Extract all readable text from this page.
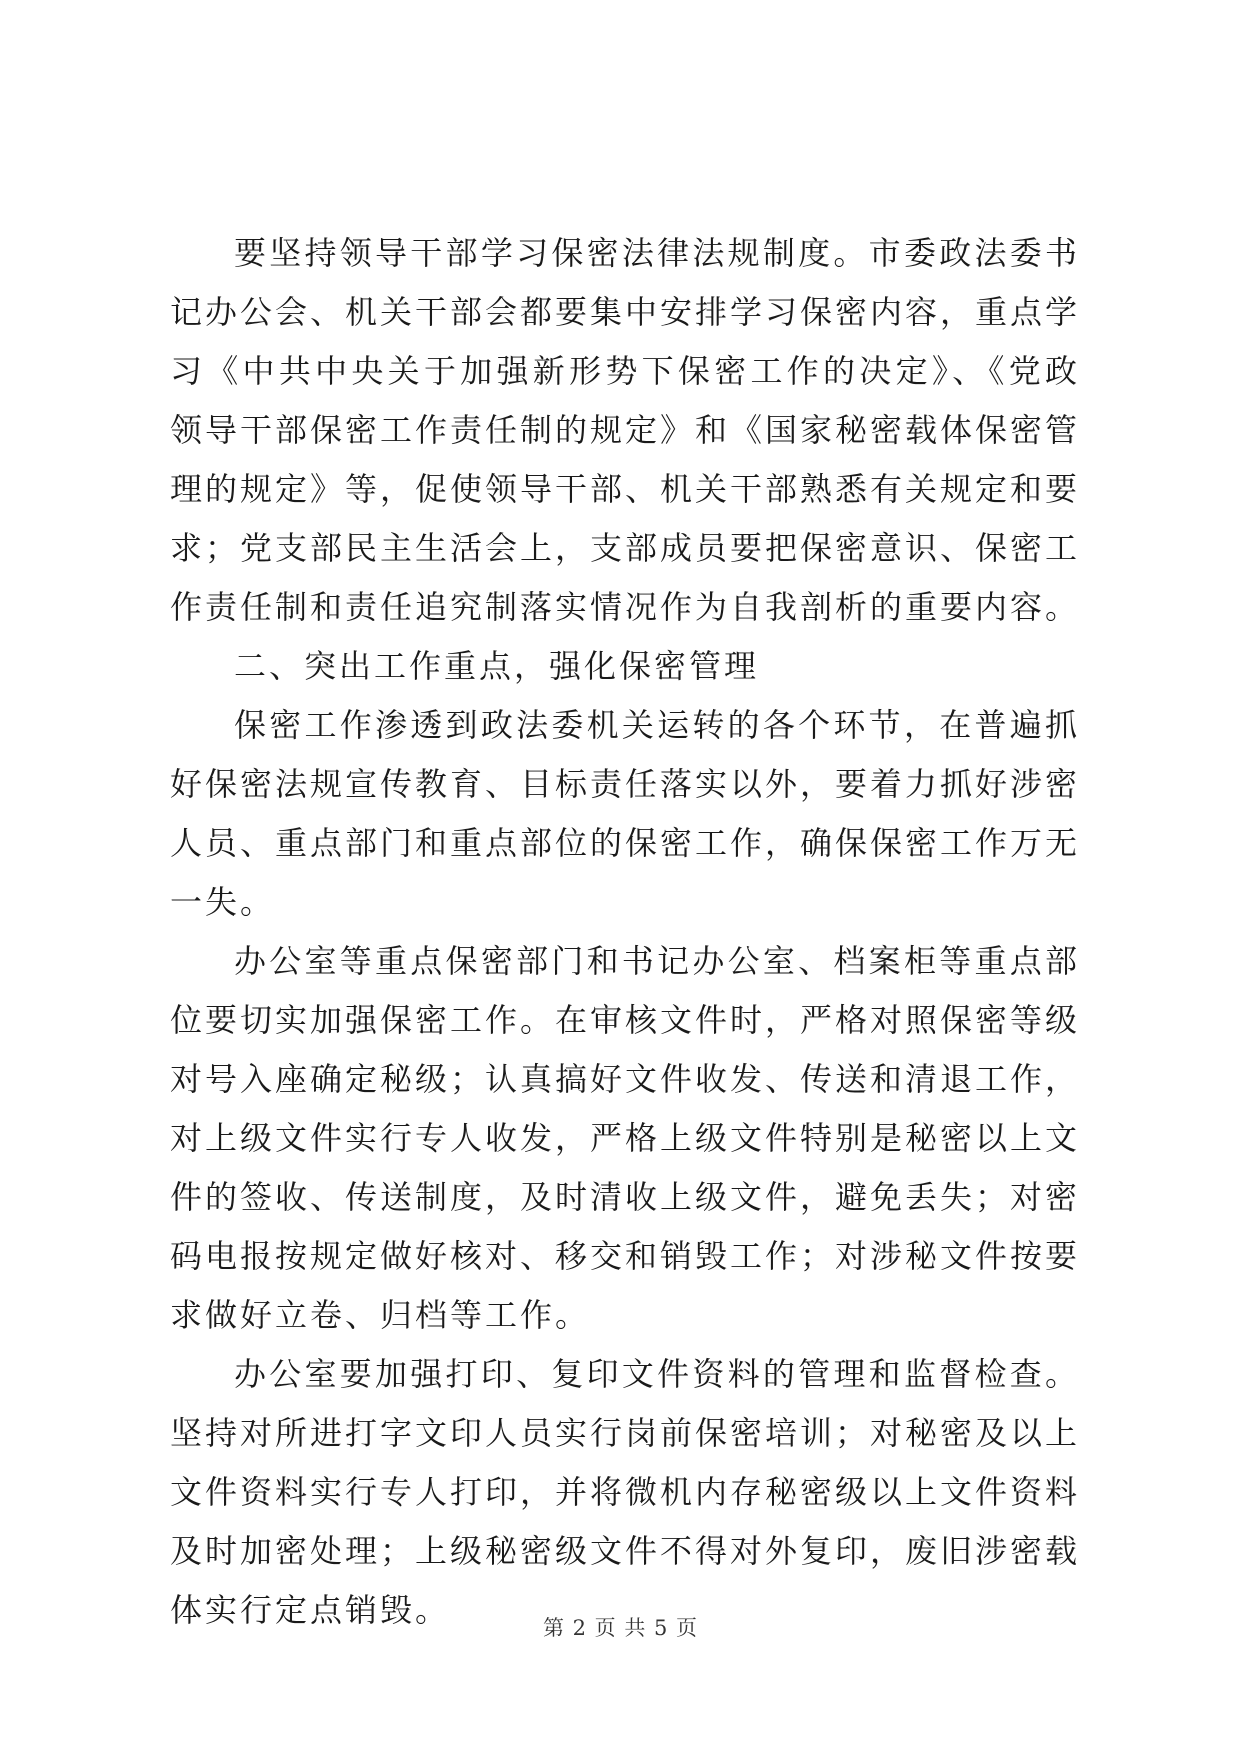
要坚持领导干部学习保密法律法规制度。市委政法委书记办公会、机关干部会都要集中安排学习保密内容，重点学习《中共中央关于加强新形势下保密工作的决定》、《党政领导干部保密工作责任制的规定》和《国家秘密载体保密管理的规定》等，促使领导干部、机关干部熟悉有关规定和要求；党支部民主生活会上，支部成员要把保密意识、保密工作责任制和责任追究制落实情况作为自我剖析的重要内容。

二、突出工作重点，强化保密管理

保密工作渗透到政法委机关运转的各个环节，在普遍抓好保密法规宣传教育、目标责任落实以外，要着力抓好涉密人员、重点部门和重点部位的保密工作，确保保密工作万无一失。

办公室等重点保密部门和书记办公室、档案柜等重点部位要切实加强保密工作。在审核文件时，严格对照保密等级对号入座确定秘级；认真搞好文件收发、传送和清退工作，对上级文件实行专人收发，严格上级文件特别是秘密以上文件的签收、传送制度，及时清收上级文件，避免丢失；对密码电报按规定做好核对、移交和销毁工作；对涉秘文件按要求做好立卷、归档等工作。

办公室要加强打印、复印文件资料的管理和监督检查。坚持对所进打字文印人员实行岗前保密培训；对秘密及以上文件资料实行专人打印，并将微机内存秘密级以上文件资料及时加密处理；上级秘密级文件不得对外复印，废旧涉密载体实行定点销毁。	第 2 页 共 5 页
